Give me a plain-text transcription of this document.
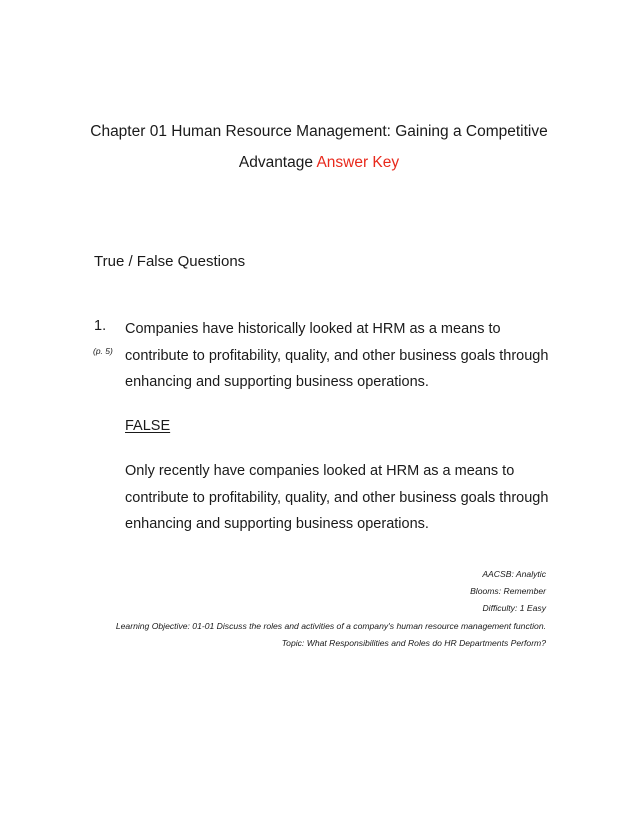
Chapter 01 Human Resource Management: Gaining a Competitive
Advantage Answer Key
True / False Questions
1.
(p. 5)
Companies have historically looked at HRM as a means to contribute to profitability, quality, and other business goals through enhancing and supporting business operations.
FALSE
Only recently have companies looked at HRM as a means to contribute to profitability, quality, and other business goals through enhancing and supporting business operations.
AACSB: Analytic
Blooms: Remember
Difficulty: 1 Easy
Learning Objective: 01-01 Discuss the roles and activities of a company's human resource management function.
Topic: What Responsibilities and Roles do HR Departments Perform?
